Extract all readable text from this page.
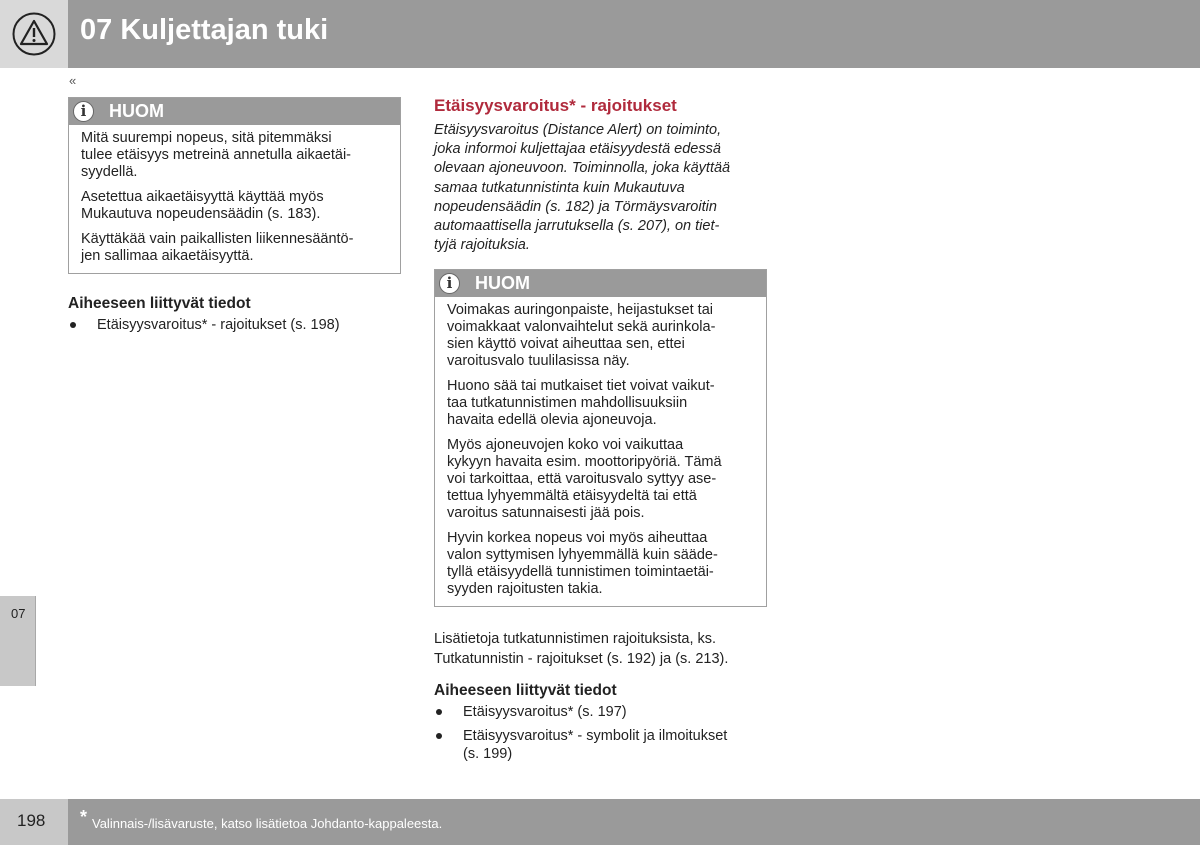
07 Kuljettajan tuki
«
07
i	HUOM

Mitä suurempi nopeus, sitä pitemmäksi
tulee etäisyys metreinä annetulla aikaetäi-
syydellä.

Asetettua aikaetäisyyttä käyttää myös
Mukautuva nopeudensäädin (s. 183).

Käyttäkää vain paikallisten liikennesääntö-
jen sallimaa aikaetäisyyttä.

Aiheeseen liittyvät tiedot
Etäisyysvaroitus* - rajoitukset (s. 198)
Etäisyysvaroitus* - rajoitukset
Etäisyysvaroitus (Distance Alert) on toiminto,
joka informoi kuljettajaa etäisyydestä edessä
olevaan ajoneuvoon. Toiminnolla, joka käyttää
samaa tutkatunnistinta kuin Mukautuva
nopeudensäädin (s. 182) ja Törmäysvaroitin
automaattisella jarrutuksella (s. 207), on tiet-
tyjä rajoituksia.
i	HUOM

Voimakas auringonpaiste, heijastukset tai
voimakkaat valonvaihtelut sekä aurinkola-
sien käyttö voivat aiheuttaa sen, ettei
varoitusvalo tuulilasissa näy.

Huono sää tai mutkaiset tiet voivat vaikut-
taa tutkatunnistimen mahdollisuuksiin
havaita edellä olevia ajoneuvoja.

Myös ajoneuvojen koko voi vaikuttaa
kykyyn havaita esim. moottoripyöriä. Tämä
voi tarkoittaa, että varoitusvalo syttyy ase-
tettua lyhyemmältä etäisyydeltä tai että
varoitus satunnaisesti jää pois.

Hyvin korkea nopeus voi myös aiheuttaa
valon syttymisen lyhyemmällä kuin sääde-
tyllä etäisyydellä tunnistimen toimintaetäi-
syyden rajoitusten takia.

Lisätietoja tutkatunnistimen rajoituksista, ks.
Tutkatunnistin - rajoitukset (s. 192) ja (s. 213).
Aiheeseen liittyvät tiedot
Etäisyysvaroitus* (s. 197)
Etäisyysvaroitus* - symbolit ja ilmoitukset
(s. 199)
198 * Valinnais-/lisävaruste, katso lisätietoa Johdanto-kappaleesta.
